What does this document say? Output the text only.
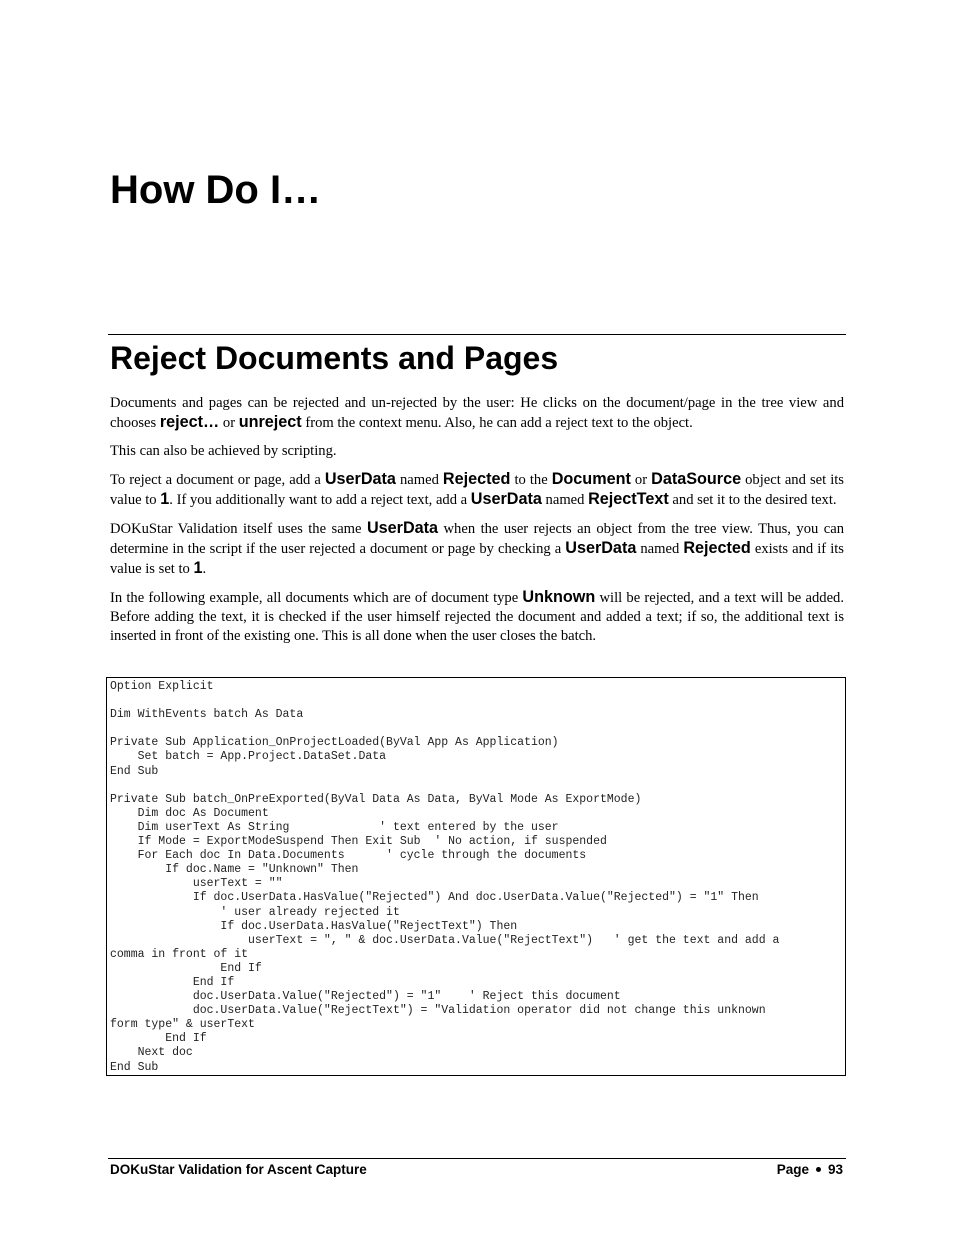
How Do I…
Reject Documents and Pages

Documents and pages can be rejected and un-rejected by the user: He clicks on the document/page in the tree view and chooses reject… or unreject from the context menu. Also, he can add a reject text to the object.

This can also be achieved by scripting.

To reject a document or page, add a UserData named Rejected to the Document or DataSource object and set its value to 1. If you additionally want to add a reject text, add a UserData named RejectText and set it to the desired text.

DOKuStar Validation itself uses the same UserData when the user rejects an object from the tree view. Thus, you can determine in the script if the user rejected a document or page by checking a UserData named Rejected exists and if its value is set to 1.

In the following example, all documents which are of document type Unknown will be rejected, and a text will be added. Before adding the text, it is checked if the user himself rejected the document and added a text; if so, the additional text is inserted in front of the existing one. This is all done when the user closes the batch.

Option Explicit

Dim WithEvents batch As Data

Private Sub Application_OnProjectLoaded(ByVal App As Application)
Set batch = App.Project.DataSet.Data
End Sub

Private Sub batch_OnPreExported(ByVal Data As Data, ByVal Mode As ExportMode)
Dim doc As Document
Dim userText As String             ' text entered by the user
If Mode = ExportModeSuspend Then Exit Sub  ' No action, if suspended
For Each doc In Data.Documents      ' cycle through the documents
If doc.Name = "Unknown" Then
userText = ""
If doc.UserData.HasValue("Rejected") And doc.UserData.Value("Rejected") = "1" Then
' user already rejected it
If doc.UserData.HasValue("RejectText") Then
userText = ", " & doc.UserData.Value("RejectText")   ' get the text and add a
comma in front of it
End If
End If
doc.UserData.Value("Rejected") = "1"    ' Reject this document
doc.UserData.Value("RejectText") = "Validation operator did not change this unknown
form type" & userText
End If
Next doc
End Sub
DOKuStar Validation for Ascent Capture	Page 93
